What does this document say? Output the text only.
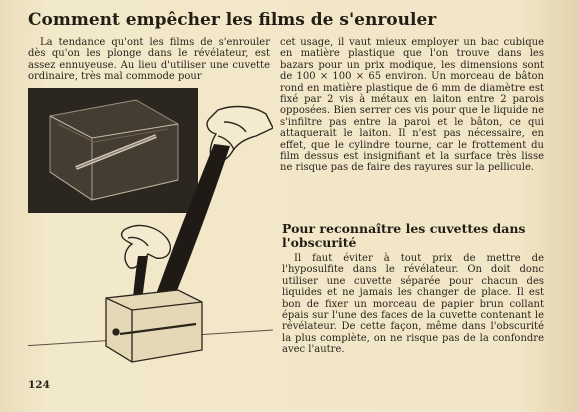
Comment empêcher les films de s'enrouler

La tendance qu'ont les films de s'enrouler dès qu'on les plonge dans le révélateur, est assez ennuyeuse. Au lieu d'utiliser une cuvette ordinaire, très mal commode pour

cet usage, il vaut mieux employer un bac cubique en matière plastique que l'on trouve dans les bazars pour un prix modique, les dimensions sont de 100 × 100 × 65 environ. Un morceau de bâton rond en matière plastique de 6 mm de diamètre est fixé par 2 vis à métaux en laiton entre 2 parois opposées. Bien serrer ces vis pour que le liquide ne s'infiltre pas entre la paroi et le bâton, ce qui attaquerait le laiton. Il n'est pas nécessaire, en effet, que le cylindre tourne, car le frottement du film dessus est insignifiant et la surface très lisse ne risque pas de faire des rayures sur la pellicule.

Pour reconnaître les cuvettes dans l'obscurité

Il faut éviter à tout prix de mettre de l'hyposulfite dans le révélateur. On doit donc utiliser une cuvette séparée pour chacun des liquides et ne jamais les changer de place. Il est bon de fixer un morceau de papier brun collant épais sur l'une des faces de la cuvette contenant le révélateur. De cette façon, même dans l'obscurité la plus complète, on ne risque pas de la confondre avec l'autre.

124
